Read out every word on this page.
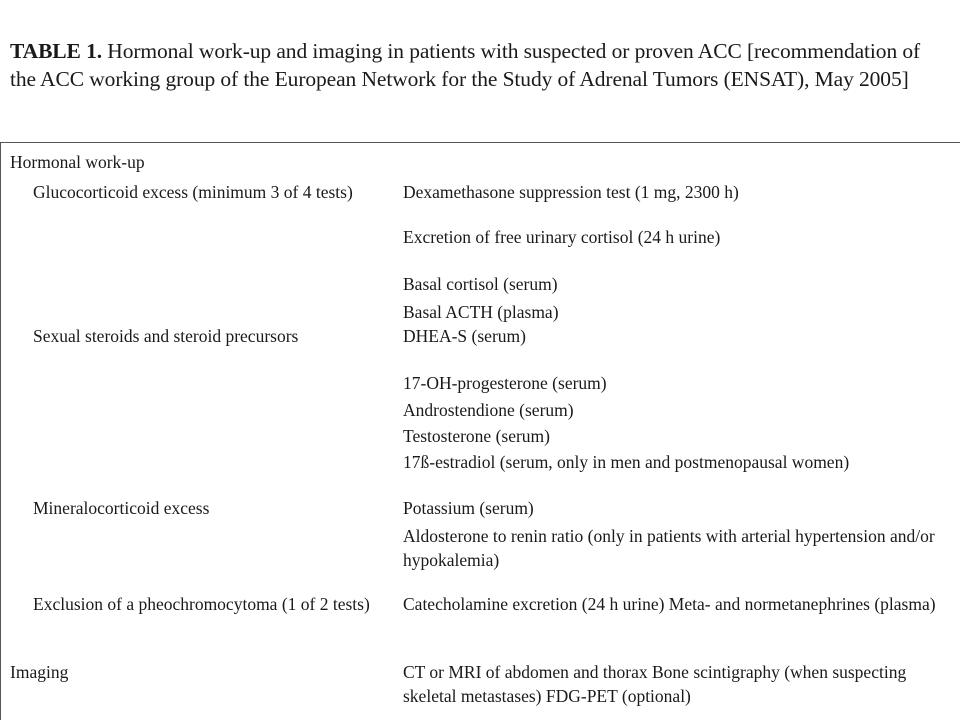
TABLE 1. Hormonal work-up and imaging in patients with suspected or proven ACC [recommendation of the ACC working group of the European Network for the Study of Adrenal Tumors (ENSAT), May 2005]
Hormonal work-up
Glucocorticoid excess (minimum 3 of 4 tests)	Dexamethasone suppression test (1 mg, 2300 h)
Excretion of free urinary cortisol (24 h urine)
Basal cortisol (serum)
Basal ACTH (plasma)
Sexual steroids and steroid precursors	DHEA-S (serum)
17-OH-progesterone (serum)
Androstendione (serum)
Testosterone (serum)
17ß-estradiol (serum, only in men and postmenopausal women)
Mineralocorticoid excess	Potassium (serum)
Aldosterone to renin ratio (only in patients with arterial hypertension and/or hypokalemia)
Exclusion of a pheochromocytoma (1 of 2 tests)	Catecholamine excretion (24 h urine) Meta- and normetanephrines (plasma)
Imaging	CT or MRI of abdomen and thorax Bone scintigraphy (when suspecting skeletal metastases) FDG-PET (optional)
